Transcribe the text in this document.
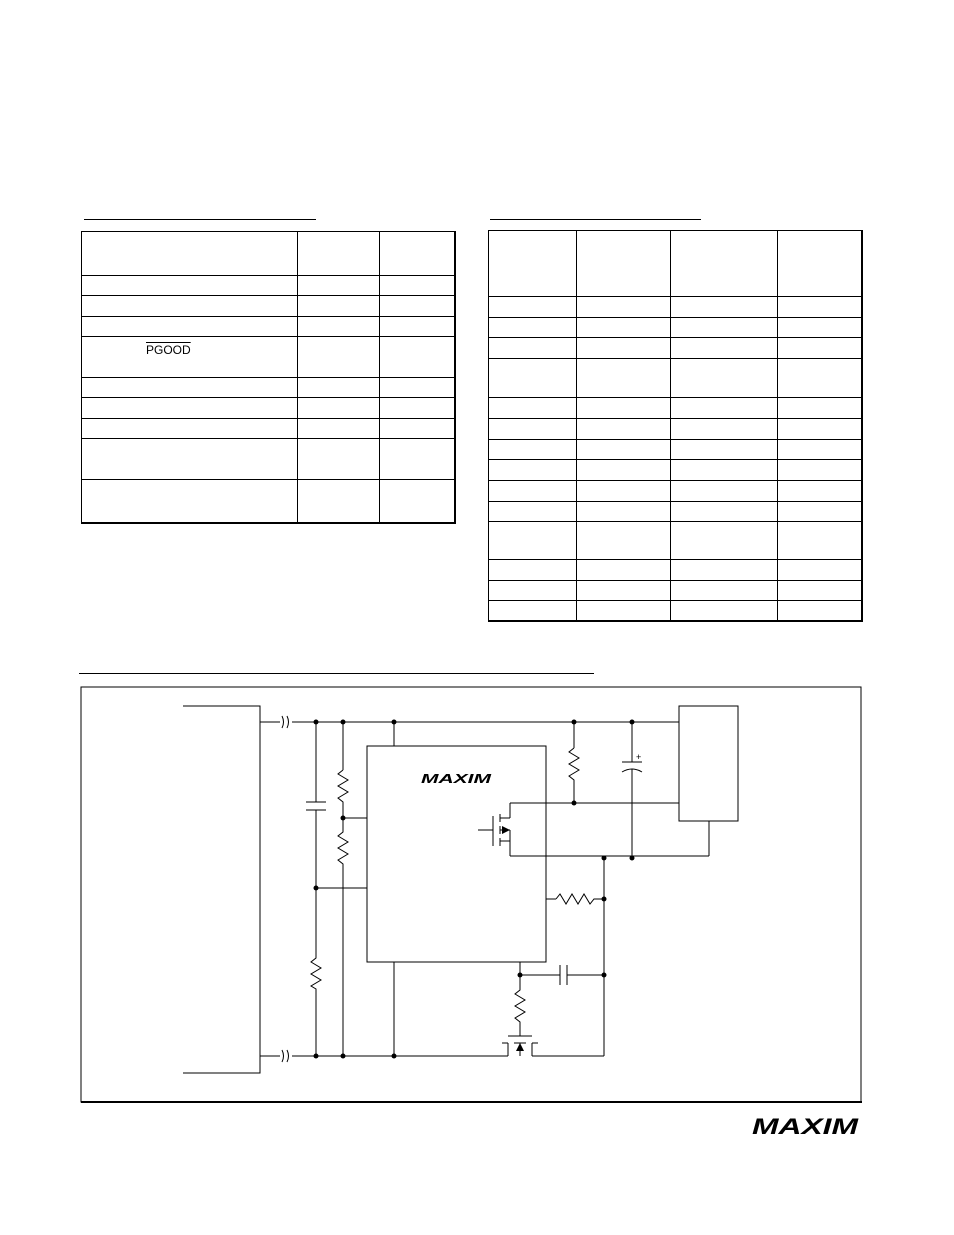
PGOOD		

+
MAXIM
MAXIM
